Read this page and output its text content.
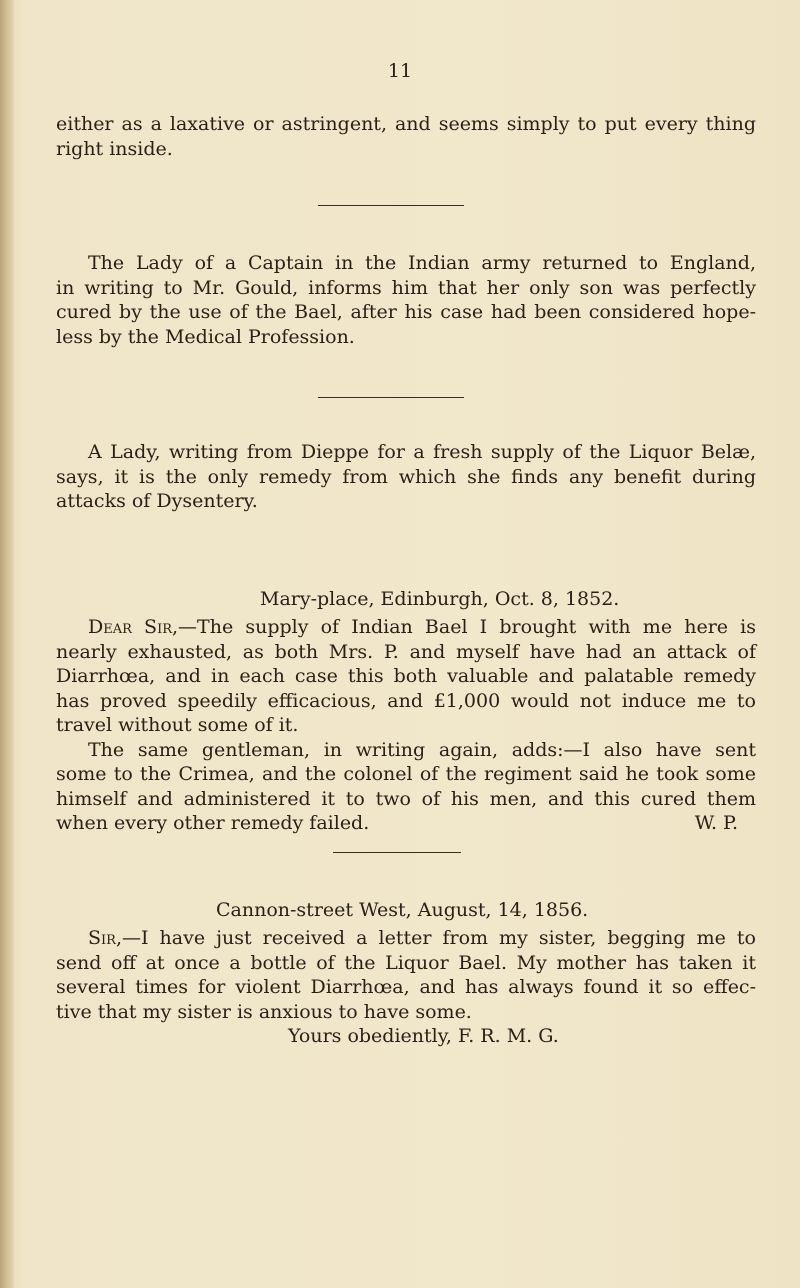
11
either as a laxative or astringent, and seems simply to put every thing
right inside.
The Lady of a Captain in the Indian army returned to England,
in writing to Mr. Gould, informs him that her only son was perfectly
cured by the use of the Bael, after his case had been considered hope-
less by the Medical Profession.
A Lady, writing from Dieppe for a fresh supply of the Liquor Belæ,
says, it is the only remedy from which she finds any benefit during
attacks of Dysentery.
Mary-place, Edinburgh, Oct. 8, 1852.
Dear Sir,—The supply of Indian Bael I brought with me here is
nearly exhausted, as both Mrs. P. and myself have had an attack of
Diarrhœa, and in each case this both valuable and palatable remedy
has proved speedily efficacious, and £1,000 would not induce me to
travel without some of it.
The same gentleman, in writing again, adds:—I also have sent
some to the Crimea, and the colonel of the regiment said he took some
himself and administered it to two of his men, and this cured them
when every other remedy failed.	W. P.
Cannon-street West, August, 14, 1856.
Sir,—I have just received a letter from my sister, begging me to
send off at once a bottle of the Liquor Bael. My mother has taken it
several times for violent Diarrhœa, and has always found it so effec-
tive that my sister is anxious to have some.
Yours obediently, F. R. M. G.
